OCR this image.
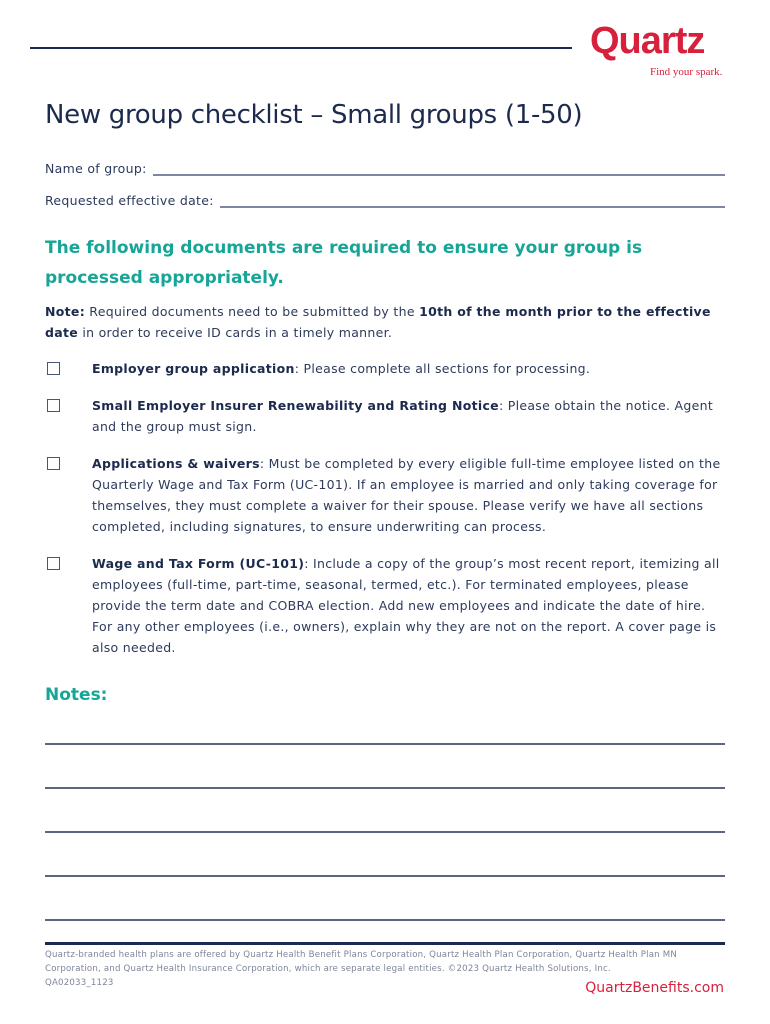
Quartz
Find your spark.
New group checklist – Small groups (1-50)
Name of group:
Requested effective date:
The following documents are required to ensure your group is processed appropriately.
Note: Required documents need to be submitted by the 10th of the month prior to the effective date in order to receive ID cards in a timely manner.
Employer group application: Please complete all sections for processing.
Small Employer Insurer Renewability and Rating Notice: Please obtain the notice. Agent and the group must sign.
Applications & waivers: Must be completed by every eligible full-time employee listed on the Quarterly Wage and Tax Form (UC-101). If an employee is married and only taking coverage for themselves, they must complete a waiver for their spouse. Please verify we have all sections completed, including signatures, to ensure underwriting can process.
Wage and Tax Form (UC-101): Include a copy of the group’s most recent report, itemizing all employees (full-time, part-time, seasonal, termed, etc.). For terminated employees, please provide the term date and COBRA election. Add new employees and indicate the date of hire. For any other employees (i.e., owners), explain why they are not on the report. A cover page is also needed.
Notes:
Quartz-branded health plans are offered by Quartz Health Benefit Plans Corporation, Quartz Health Plan Corporation, Quartz Health Plan MN Corporation, and Quartz Health Insurance Corporation, which are separate legal entities. ©2023 Quartz Health Solutions, Inc.
QA02033_1123	QuartzBenefits.com
